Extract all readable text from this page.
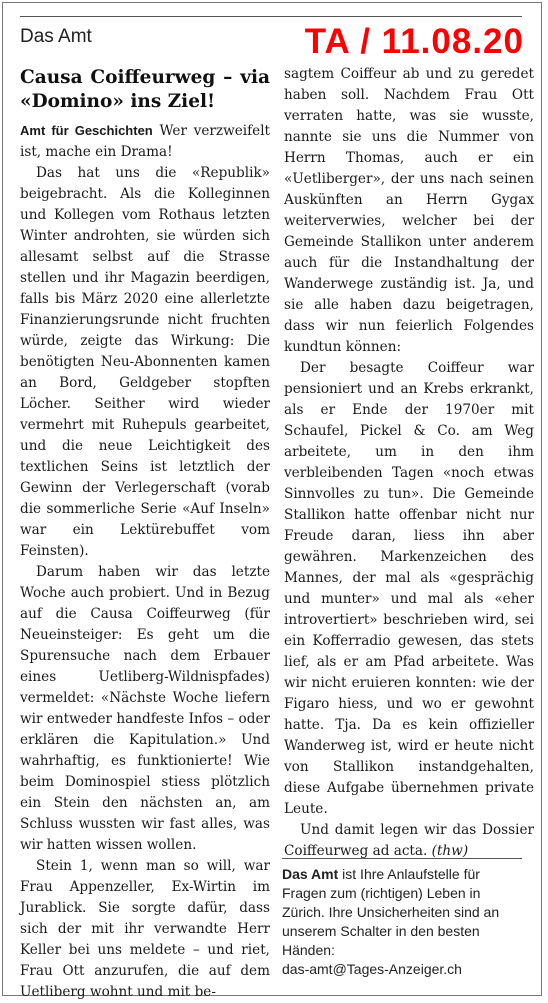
Das Amt	TA / 11.08.20
Causa Coiffeurweg – via «Domino» ins Ziel!

Amt für Geschichten Wer verzweifelt ist, mache ein Drama!

Das hat uns die «Republik» beigebracht. Als die Kolleginnen und Kollegen vom Rothaus letzten Winter androhten, sie würden sich allesamt selbst auf die Strasse stellen und ihr Magazin beerdigen, falls bis März 2020 eine allerletzte Finanzierungsrunde nicht fruchten würde, zeigte das Wirkung: Die benötigten Neu-Abonnenten kamen an Bord, Geldgeber stopften Löcher. Seither wird wieder vermehrt mit Ruhepuls gearbeitet, und die neue Leichtigkeit des textlichen Seins ist letztlich der Gewinn der Verlegerschaft (vorab die sommerliche Serie «Auf Inseln» war ein Lektürebuffet vom Feinsten).

Darum haben wir das letzte Woche auch probiert. Und in Bezug auf die Causa Coiffeurweg (für Neueinsteiger: Es geht um die Spurensuche nach dem Erbauer eines Uetliberg-Wildnispfades) vermeldet: «Nächste Woche liefern wir entweder handfeste Infos – oder erklären die Kapitulation.» Und wahrhaftig, es funktionierte! Wie beim Dominospiel stiess plötzlich ein Stein den nächsten an, am Schluss wussten wir fast alles, was wir hatten wissen wollen.

Stein 1, wenn man so will, war Frau Appenzeller, Ex-Wirtin im Jurablick. Sie sorgte dafür, dass sich der mit ihr verwandte Herr Keller bei uns meldete – und riet, Frau Ott anzurufen, die auf dem Uetliberg wohnt und mit be-

sagtem Coiffeur ab und zu geredet haben soll. Nachdem Frau Ott verraten hatte, was sie wusste, nannte sie uns die Nummer von Herrn Thomas, auch er ein «Uetliberger», der uns nach seinen Auskünften an Herrn Gygax weiterverwies, welcher bei der Gemeinde Stallikon unter anderem auch für die Instandhaltung der Wanderwege zuständig ist. Ja, und sie alle haben dazu beigetragen, dass wir nun feierlich Folgendes kundtun können:

Der besagte Coiffeur war pensioniert und an Krebs erkrankt, als er Ende der 1970er mit Schaufel, Pickel & Co. am Weg arbeitete, um in den ihm verbleibenden Tagen «noch etwas Sinnvolles zu tun». Die Gemeinde Stallikon hatte offenbar nicht nur Freude daran, liess ihn aber gewähren. Markenzeichen des Mannes, der mal als «gesprächig und munter» und mal als «eher introvertiert» beschrieben wird, sei ein Kofferradio gewesen, das stets lief, als er am Pfad arbeitete. Was wir nicht eruieren konnten: wie der Figaro hiess, und wo er gewohnt hatte. Tja. Da es kein offizieller Wanderweg ist, wird er heute nicht von Stallikon instandgehalten, diese Aufgabe übernehmen private Leute.

Und damit legen wir das Dossier Coiffeurweg ad acta. (thw)

Das Amt ist Ihre Anlaufstelle für Fragen zum (richtigen) Leben in Zürich. Ihre Unsicherheiten sind an unserem Schalter in den besten Händen:
das-amt@Tages-Anzeiger.ch
